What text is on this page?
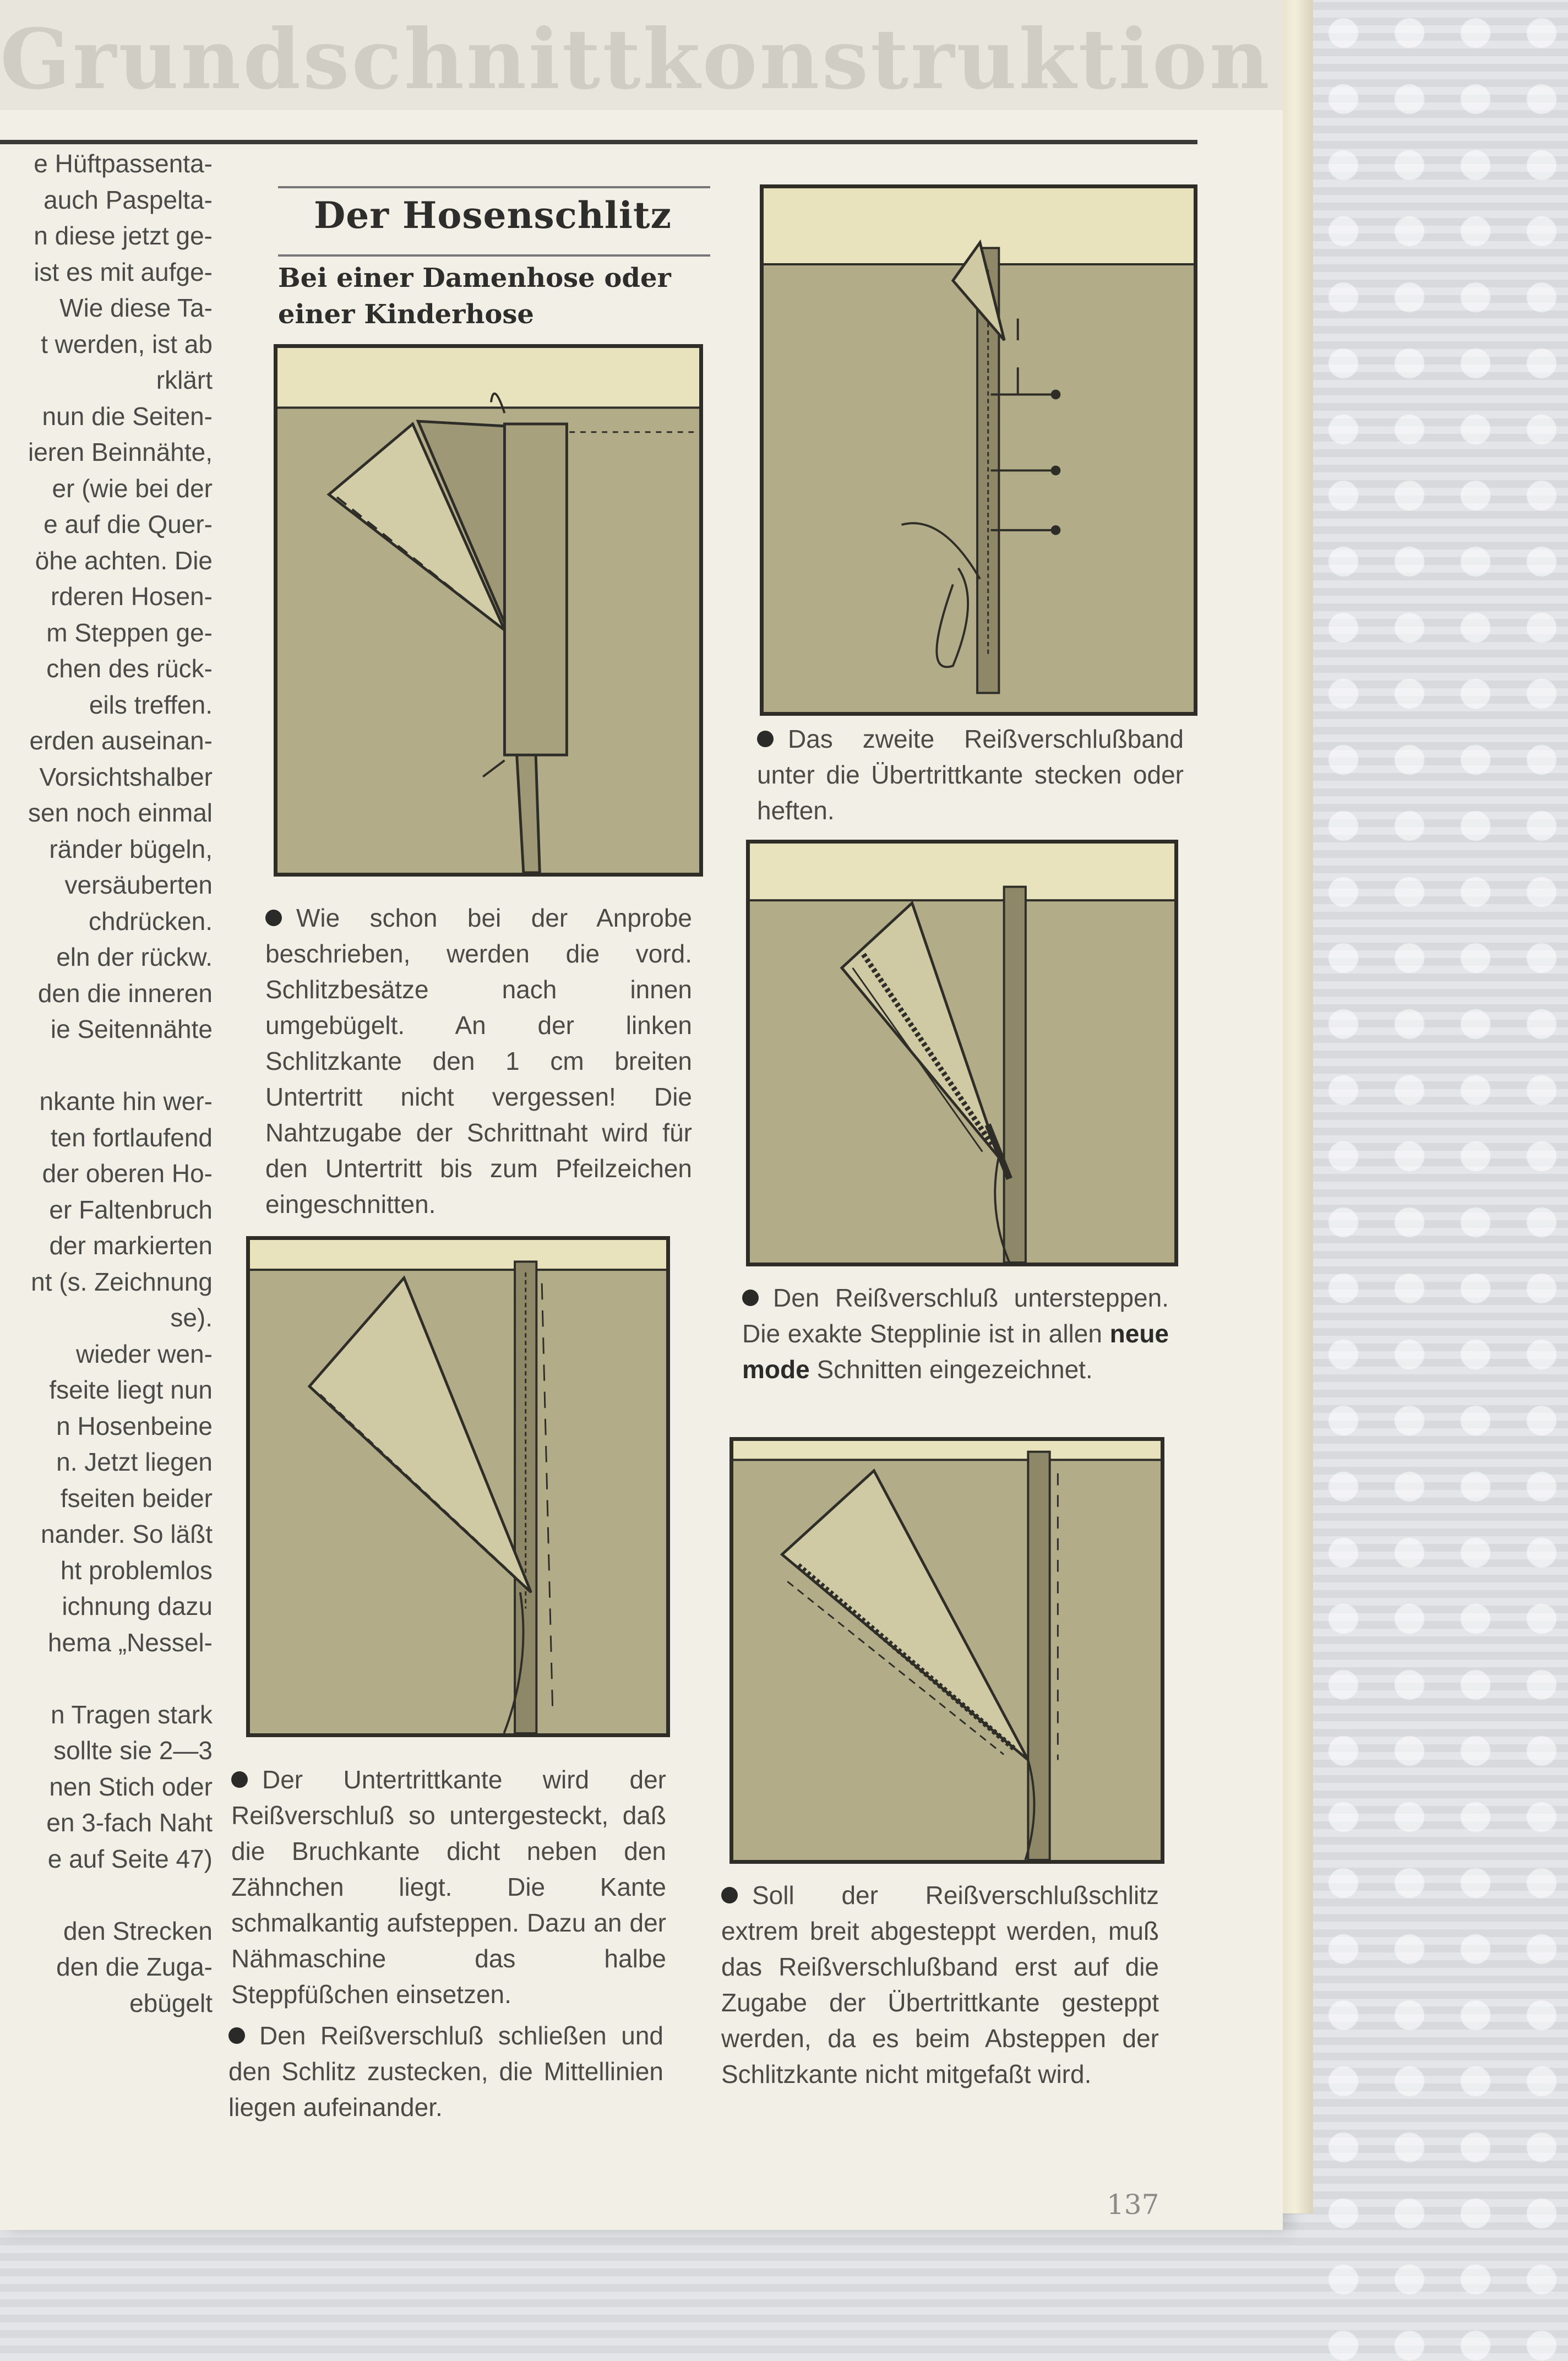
Grundschnittkonstruktion
e Hüftpassenta-
auch Paspelta-
n diese jetzt ge-
ist es mit aufge-
Wie diese Ta-
t werden, ist ab
rklärt
nun die Seiten-
ieren Beinnähte,
er (wie bei der
e auf die Quer-
öhe achten. Die
rderen Hosen-
m Steppen ge-
chen des rück-
eils treffen.
erden auseinan-
Vorsichtshalber
sen noch einmal
ränder bügeln,
versäuberten
chdrücken.
eln der rückw.
den die inneren
ie Seitennähte
nkante hin wer-
ten fortlaufend
der oberen Ho-
er Faltenbruch
der markierten
nt (s. Zeichnung
se).
wieder wen-
fseite liegt nun
n Hosenbeine
n. Jetzt liegen
fseiten beider
nander. So läßt
ht problemlos
ichnung dazu
hema „Nessel-
n Tragen stark
sollte sie 2—3
nen Stich oder
en 3-fach Naht
e auf Seite 47)
den Strecken
den die Zuga-
ebügelt
Der Hosenschlitz
Bei einer Damenhose oder einer Kinderhose
Wie schon bei der Anprobe beschrieben, werden die vord. Schlitzbesätze nach innen umgebügelt. An der linken Schlitzkante den 1 cm breiten Untertritt nicht vergessen! Die Nahtzugabe der Schrittnaht wird für den Untertritt bis zum Pfeilzeichen eingeschnitten.
Der Untertrittkante wird der Reißverschluß so untergesteckt, daß die Bruchkante dicht neben den Zähnchen liegt. Die Kante schmalkantig aufsteppen. Dazu an der Nähmaschine das halbe Steppfüßchen einsetzen.
Den Reißverschluß schließen und den Schlitz zustecken, die Mittellinien liegen aufeinander.
Das zweite Reißverschlußband unter die Übertrittkante stecken oder heften.
Den Reißverschluß untersteppen. Die exakte Stepplinie ist in allen neue mode Schnitten eingezeichnet.
Soll der Reißverschlußschlitz extrem breit abgesteppt werden, muß das Reißverschlußband erst auf die Zugabe der Übertrittkante gesteppt werden, da es beim Absteppen der Schlitzkante nicht mitgefaßt wird.
137
